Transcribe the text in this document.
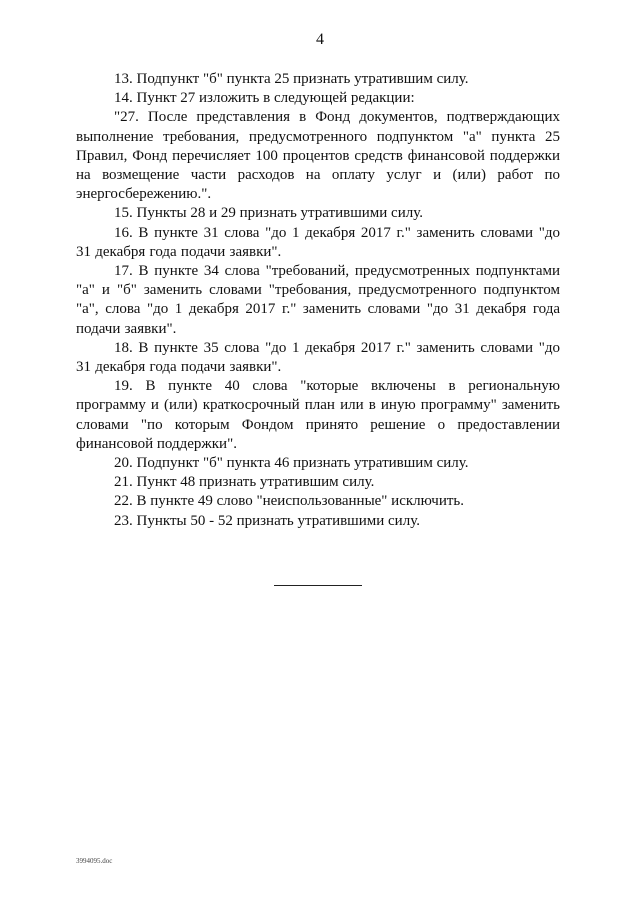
4

13. Подпункт "б" пункта 25 признать утратившим силу.

14. Пункт 27 изложить в следующей редакции:

"27. После представления в Фонд документов, подтверждающих выполнение требования, предусмотренного подпунктом "а" пункта 25 Правил, Фонд перечисляет 100 процентов средств финансовой поддержки на возмещение части расходов на оплату услуг и (или) работ по энергосбережению.".

15. Пункты 28 и 29 признать утратившими силу.

16. В пункте 31 слова "до 1 декабря 2017 г." заменить словами "до 31 декабря года подачи заявки".

17. В пункте 34 слова "требований, предусмотренных подпунктами "а" и "б" заменить словами "требования, предусмотренного подпунктом "а", слова "до 1 декабря 2017 г." заменить словами "до 31 декабря года подачи заявки".

18. В пункте 35 слова "до 1 декабря 2017 г." заменить словами "до 31 декабря года подачи заявки".

19. В пункте 40 слова "которые включены в региональную программу и (или) краткосрочный план или в иную программу" заменить словами "по которым Фондом принято решение о предоставлении финансовой поддержки".

20. Подпункт "б" пункта 46 признать утратившим силу.

21. Пункт 48 признать утратившим силу.

22. В пункте 49 слово "неиспользованные" исключить.

23. Пункты 50 - 52 признать утратившими силу.

3994095.doc
